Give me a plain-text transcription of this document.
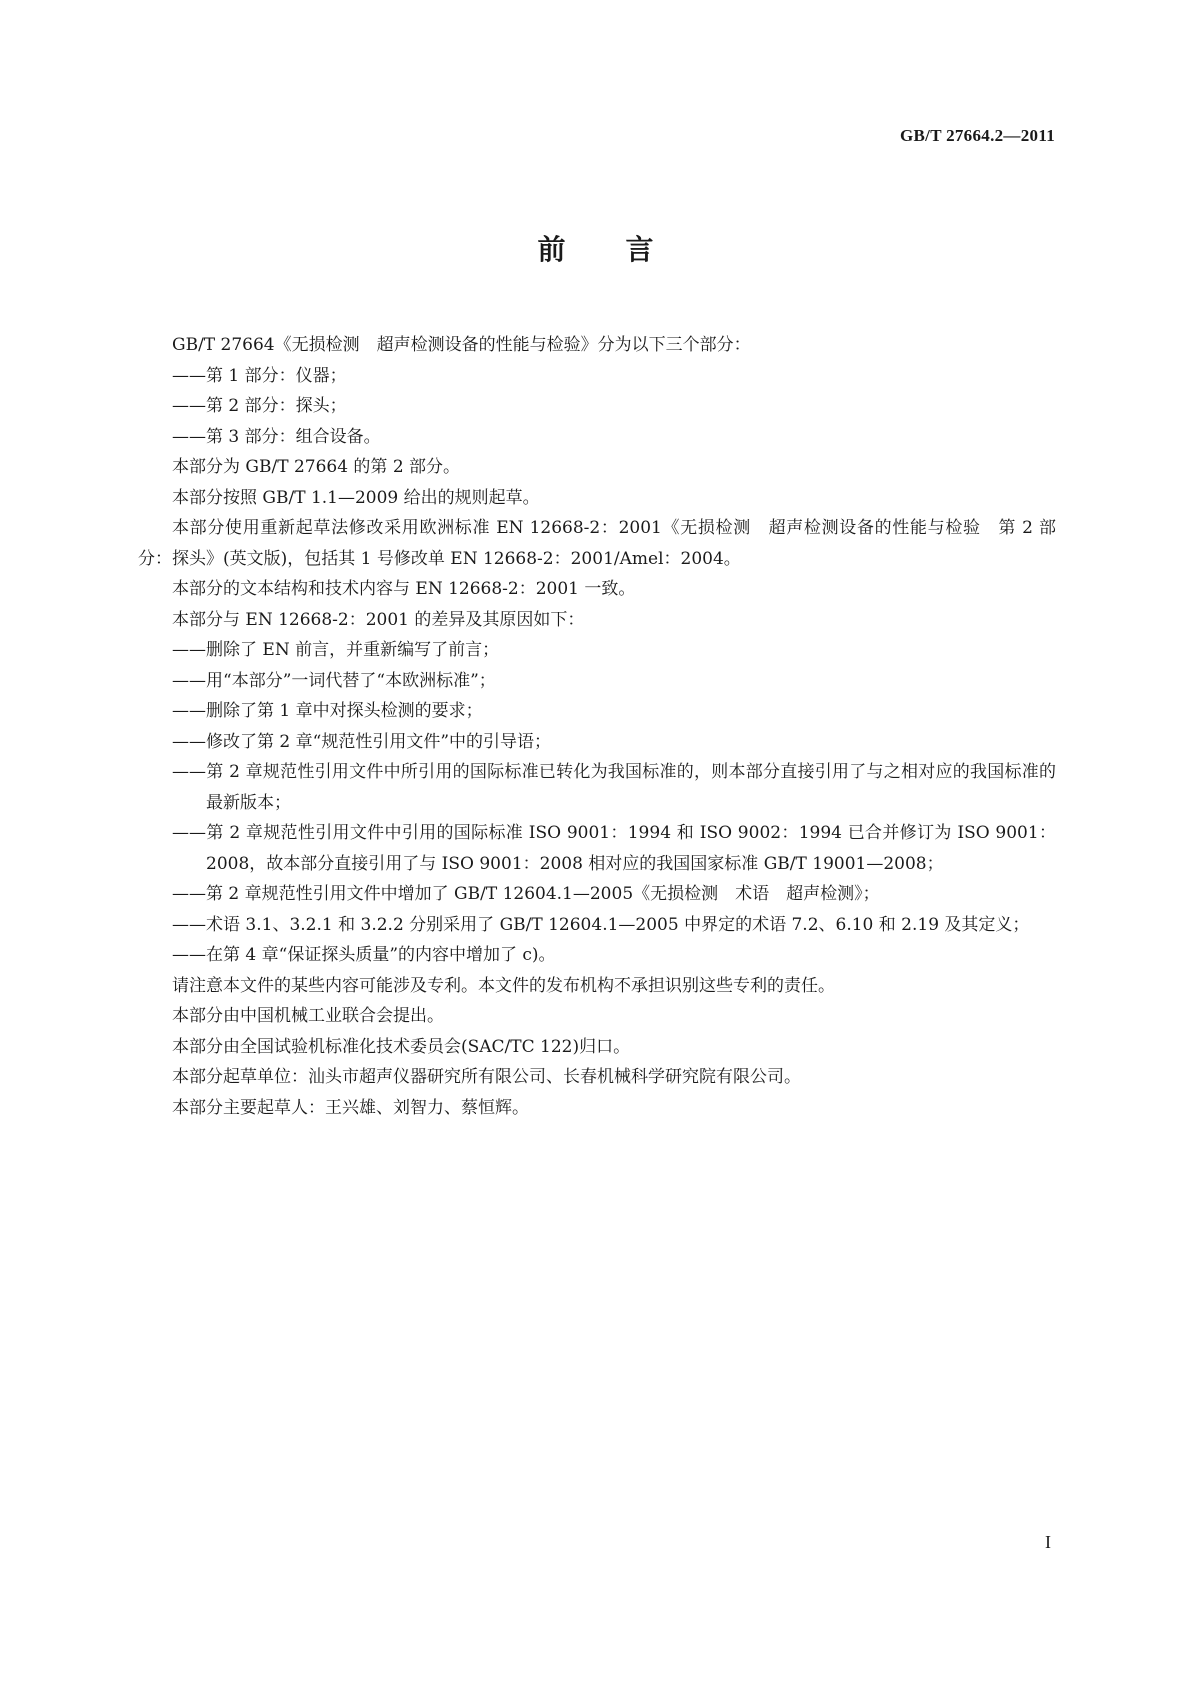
GB/T 27664.2—2011
前言
GB/T 27664《无损检测　超声检测设备的性能与检验》分为以下三个部分：
——第 1 部分：仪器；
——第 2 部分：探头；
——第 3 部分：组合设备。
本部分为 GB/T 27664 的第 2 部分。
本部分按照 GB/T 1.1—2009 给出的规则起草。
本部分使用重新起草法修改采用欧洲标准 EN 12668-2：2001《无损检测　超声检测设备的性能与检验　第 2 部分：探头》(英文版)，包括其 1 号修改单 EN 12668-2：2001/Amel：2004。
本部分的文本结构和技术内容与 EN 12668-2：2001 一致。
本部分与 EN 12668-2：2001 的差异及其原因如下：
——删除了 EN 前言，并重新编写了前言；
——用“本部分”一词代替了“本欧洲标准”；
——删除了第 1 章中对探头检测的要求；
——修改了第 2 章“规范性引用文件”中的引导语；
——第 2 章规范性引用文件中所引用的国际标准已转化为我国标准的，则本部分直接引用了与之相对应的我国标准的最新版本；
——第 2 章规范性引用文件中引用的国际标准 ISO 9001：1994 和 ISO 9002：1994 已合并修订为 ISO 9001：2008，故本部分直接引用了与 ISO 9001：2008 相对应的我国国家标准 GB/T 19001—2008；
——第 2 章规范性引用文件中增加了 GB/T 12604.1—2005《无损检测　术语　超声检测》；
——术语 3.1、3.2.1 和 3.2.2 分别采用了 GB/T 12604.1—2005 中界定的术语 7.2、6.10 和 2.19 及其定义；
——在第 4 章“保证探头质量”的内容中增加了 c)。
请注意本文件的某些内容可能涉及专利。本文件的发布机构不承担识别这些专利的责任。
本部分由中国机械工业联合会提出。
本部分由全国试验机标准化技术委员会(SAC/TC 122)归口。
本部分起草单位：汕头市超声仪器研究所有限公司、长春机械科学研究院有限公司。
本部分主要起草人：王兴雄、刘智力、蔡恒辉。
I
